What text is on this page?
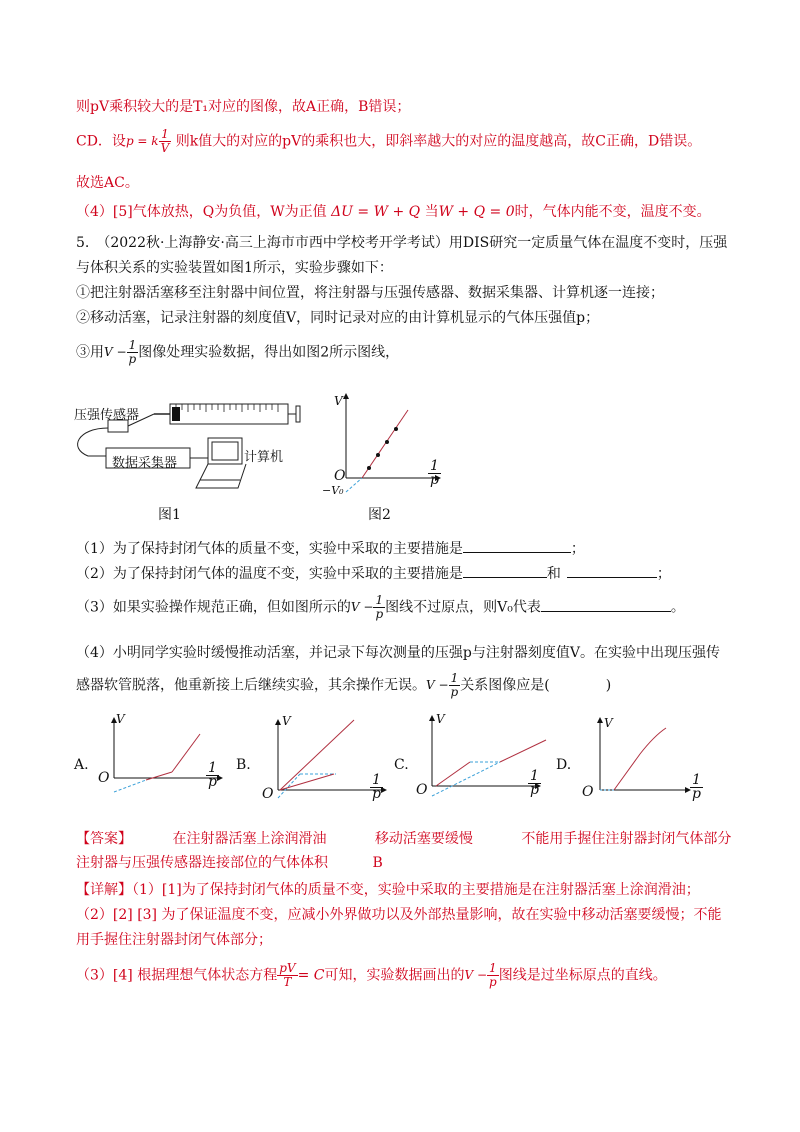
则pV乘积较大的是T₁对应的图像，故A正确，B错误；
CD．设p = k $\frac{1}{V}$ 则k值大的对应的pV的乘积也大，即斜率越大的对应的温度越高，故C正确，D错误。
故选AC。
（4）[5]气体放热，Q为负值，W为正值 ΔU = W + Q 当W + Q = 0时，气体内能不变，温度不变。
5.　（2022秋·上海静安·高三上海市市西中学校考开学考试）用DIS研究一定质量气体在温度不变时，压强
与体积关系的实验装置如图1所示，实验步骤如下：
①把注射器活塞移至注射器中间位置，将注射器与压强传感器、数据采集器、计算机逐一连接；
②移动活塞，记录注射器的刻度值V，同时记录对应的由计算机显示的气体压强值p；
③用$V - \frac{1}{p}$ 图像处理实验数据，得出如图2所示图线，
压强传感器
数据采集器	计算机
图1
V
O
−V₀
$\frac{1}{p}$
图2
（1）为了保持封闭气体的质量不变，实验中采取的主要措施是	；
（2）为了保持封闭气体的温度不变，实验中采取的主要措施是	和	；
（3）如果实验操作规范正确，但如图所示的$V - \frac{1}{p}$ 图线不过原点，则V₀代表	。
（4）小明同学实验时缓慢推动活塞，并记录下每次测量的压强p与注射器刻度值V。在实验中出现压强传
感器软管脱落，他重新接上后继续实验，其余操作无误。$V - \frac{1}{p}$ 关系图像应是(　　　　)
A.
V
O	$\frac{1}{p} B$.
V
O	$\frac{1}{p}$
C.
V
O	$\frac{1}{p}$
D.
V
O	$\frac{1}{p}$
【答案】	在注射器活塞上涂润滑油	移动活塞要缓慢	不能用手握住注射器封闭气体部分
注射器与压强传感器连接部位的气体体积	B
【详解】（1）[1]为了保持封闭气体的质量不变，实验中采取的主要措施是在注射器活塞上涂润滑油；
（2）[2] [3] 为了保证温度不变，应减小外界做功以及外部热量影响，故在实验中移动活塞要缓慢；不能
用手握住注射器封闭气体部分；
（3）[4] 根据理想气体状态方程 $\frac{pV}{T} = C$可知，实验数据画出的$V - \frac{1}{p}$ 图线是过坐标原点的直线。
